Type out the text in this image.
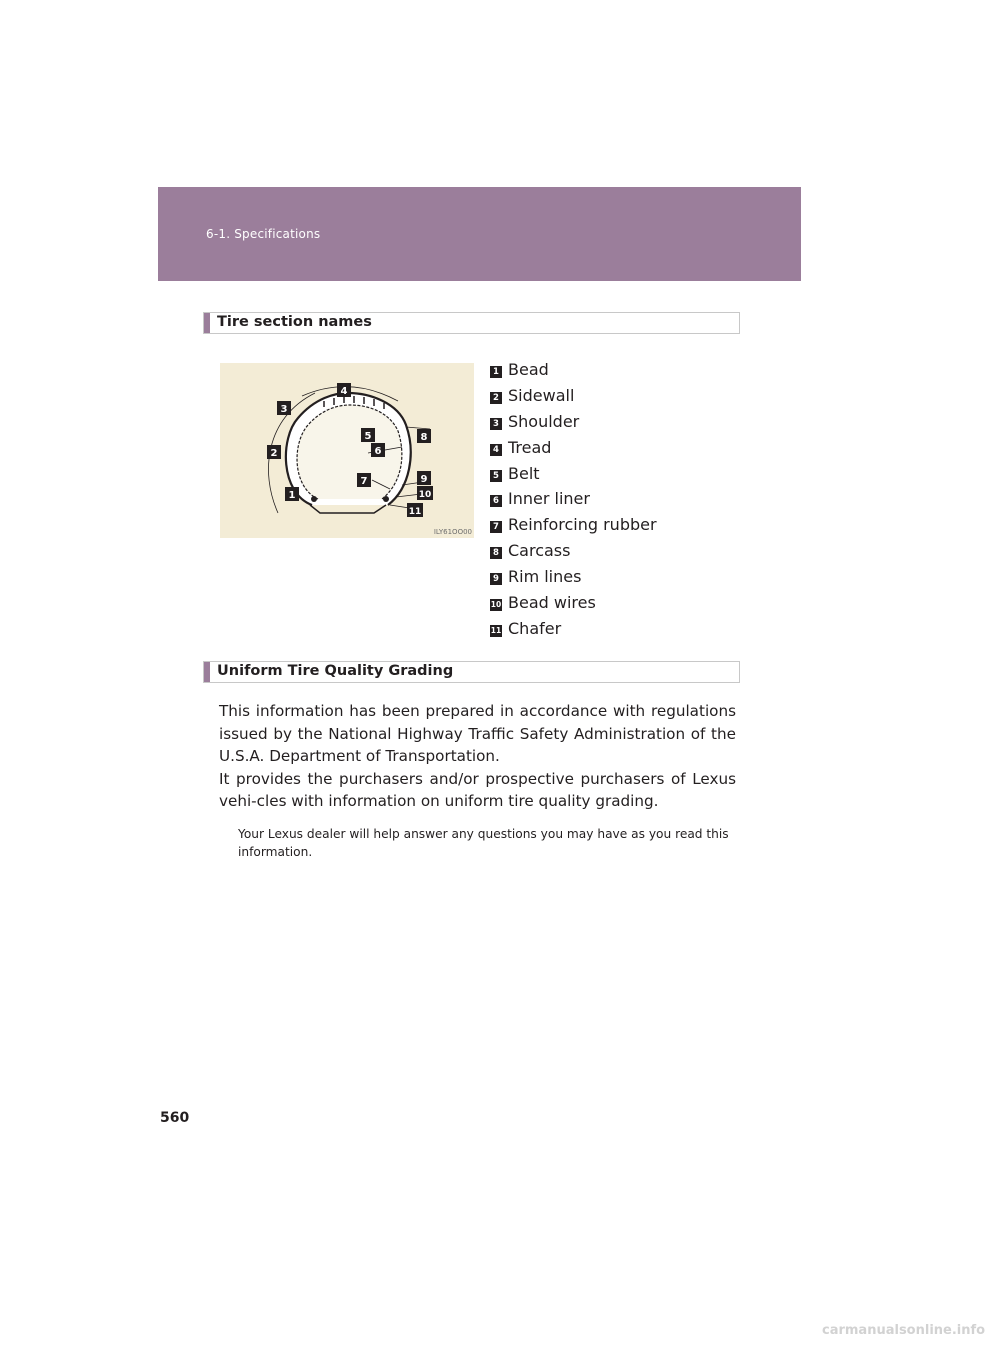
6-1. Specifications
Tire section names
3
4
2
1
5
6
8
7	9
10
11
ILY61OO00
1 Bead
2 Sidewall
3 Shoulder
4 Tread
5 Belt
6 Inner liner
7 Reinforcing rubber
8 Carcass
9 Rim lines
10 Bead wires
11 Chafer
Uniform Tire Quality Grading

This information has been prepared in accordance with regulations issued by the National Highway Traffic Safety Administration of the U.S.A. Department of Transportation.

It provides the purchasers and/or prospective purchasers of Lexus vehi-cles with information on uniform tire quality grading.

Your Lexus dealer will help answer any questions you may have as you read this information.
560
carmanualsonline.info
